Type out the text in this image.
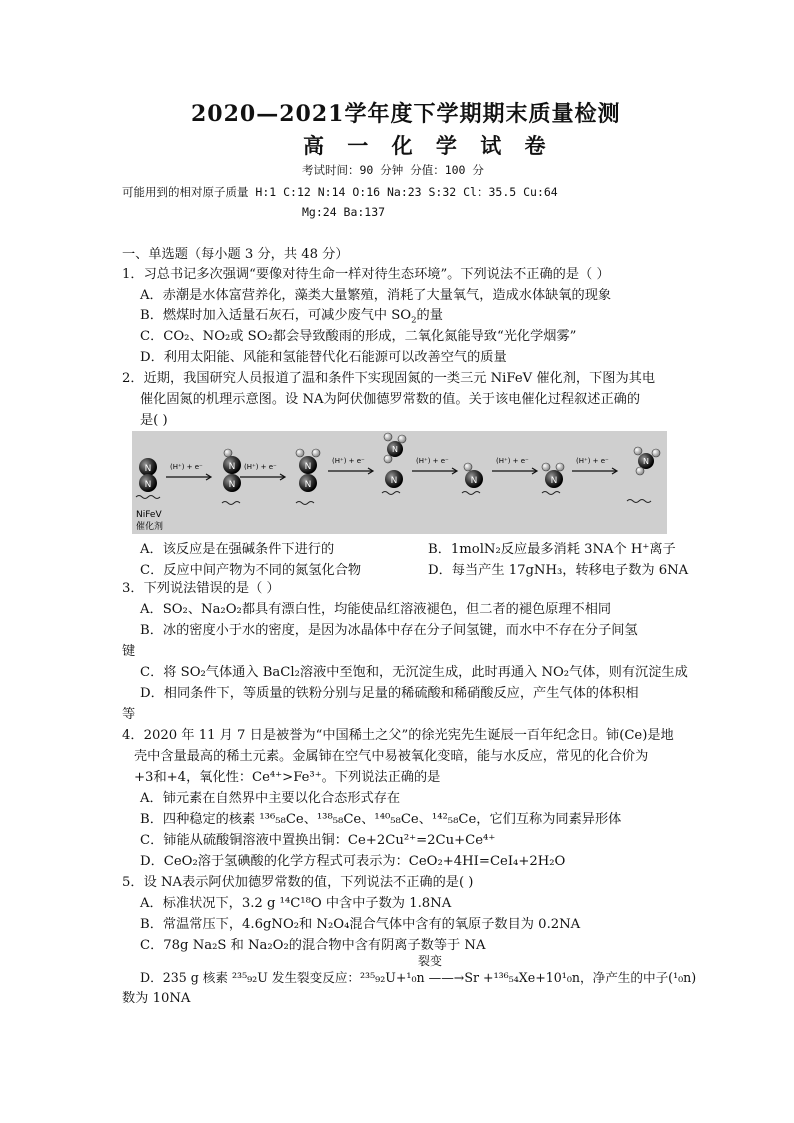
2020—2021学年度下学期期末质量检测
高 一 化 学 试 卷
考试时间：90 分钟 分值：100 分
可能用到的相对原子质量 H:1 C:12 N:14 O:16 Na:23 S:32 Cl：35.5 Cu:64
Mg:24 Ba:137
一、单选题（每小题 3 分，共 48 分）
1．习总书记多次强调“要像对待生命一样对待生态环境”。下列说法不正确的是（ ）
A．赤潮是水体富营养化，藻类大量繁殖，消耗了大量氧气，造成水体缺氧的现象
B．燃煤时加入适量石灰石，可减少废气中 $SO_2$的量
C．CO₂、NO₂或 SO₂都会导致酸雨的形成，二氧化氮能导致“光化学烟雾”
D．利用太阳能、风能和氢能替代化石能源可以改善空气的质量
2．近期，我国研究人员报道了温和条件下实现固氮的一类三元 NiFeV 催化剂，下图为其电
催化固氮的机理示意图。设 NA为阿伏伽德罗常数的值。关于该电催化过程叙述正确的
是( )
N
N
NiFeV
催化剂
(H⁺) + e⁻	(H⁺) + e⁻
(H⁺) + e⁻	(H⁺) + e⁻	(H⁺) + e⁻	(H⁺) + e⁻
N
N
N
N
N
N	N	N
N
A．该反应是在强碱条件下进行的	B．1molN₂反应最多消耗 3NA个 H⁺离子
C．反应中间产物为不同的氮氢化合物	D．每当产生 17gNH₃，转移电子数为 6NA
3．下列说法错误的是（ ）
A．SO₂、Na₂O₂都具有漂白性，均能使品红溶液褪色，但二者的褪色原理不相同
B．冰的密度小于水的密度，是因为冰晶体中存在分子间氢键，而水中不存在分子间氢
键
C．将 SO₂气体通入 BaCl₂溶液中至饱和，无沉淀生成，此时再通入 NO₂气体，则有沉淀生成
D．相同条件下，等质量的铁粉分别与足量的稀硫酸和稀硝酸反应，产生气体的体积相
等
4．2020 年 11 月 7 日是被誉为“中国稀土之父”的徐光宪先生诞辰一百年纪念日。铈(Ce)是地
壳中含量最高的稀土元素。金属铈在空气中易被氧化变暗，能与水反应，常见的化合价为
+3和+4，氧化性：Ce⁴⁺>Fe³⁺。下列说法正确的是
A．铈元素在自然界中主要以化合态形式存在
B．四种稳定的核素 ¹³⁶₅₈Ce、¹³⁸₅₈Ce、¹⁴⁰₅₈Ce、¹⁴²₅₈Ce，它们互称为同素异形体
C．铈能从硫酸铜溶液中置换出铜：Ce+2Cu²⁺=2Cu+Ce⁴⁺
D．CeO₂溶于氢碘酸的化学方程式可表示为：CeO₂+4HI=CeI₄+2H₂O
5．设 NA表示阿伏加德罗常数的值，下列说法不正确的是( )
A．标准状况下，3.2 g ¹⁴C¹⁸O 中含中子数为 1.8NA
B．常温常压下，4.6gNO₂和 N₂O₄混合气体中含有的氧原子数目为 0.2NA
C．78g Na₂S 和 Na₂O₂的混合物中含有阴离子数等于 NA
裂变
D．235 g 核素 ²³⁵₉₂U 发生裂变反应：²³⁵₉₂U+¹₀n ——→Sr +¹³⁶₅₄Xe+10¹₀n，净产生的中子(¹₀n)
数为 10NA
